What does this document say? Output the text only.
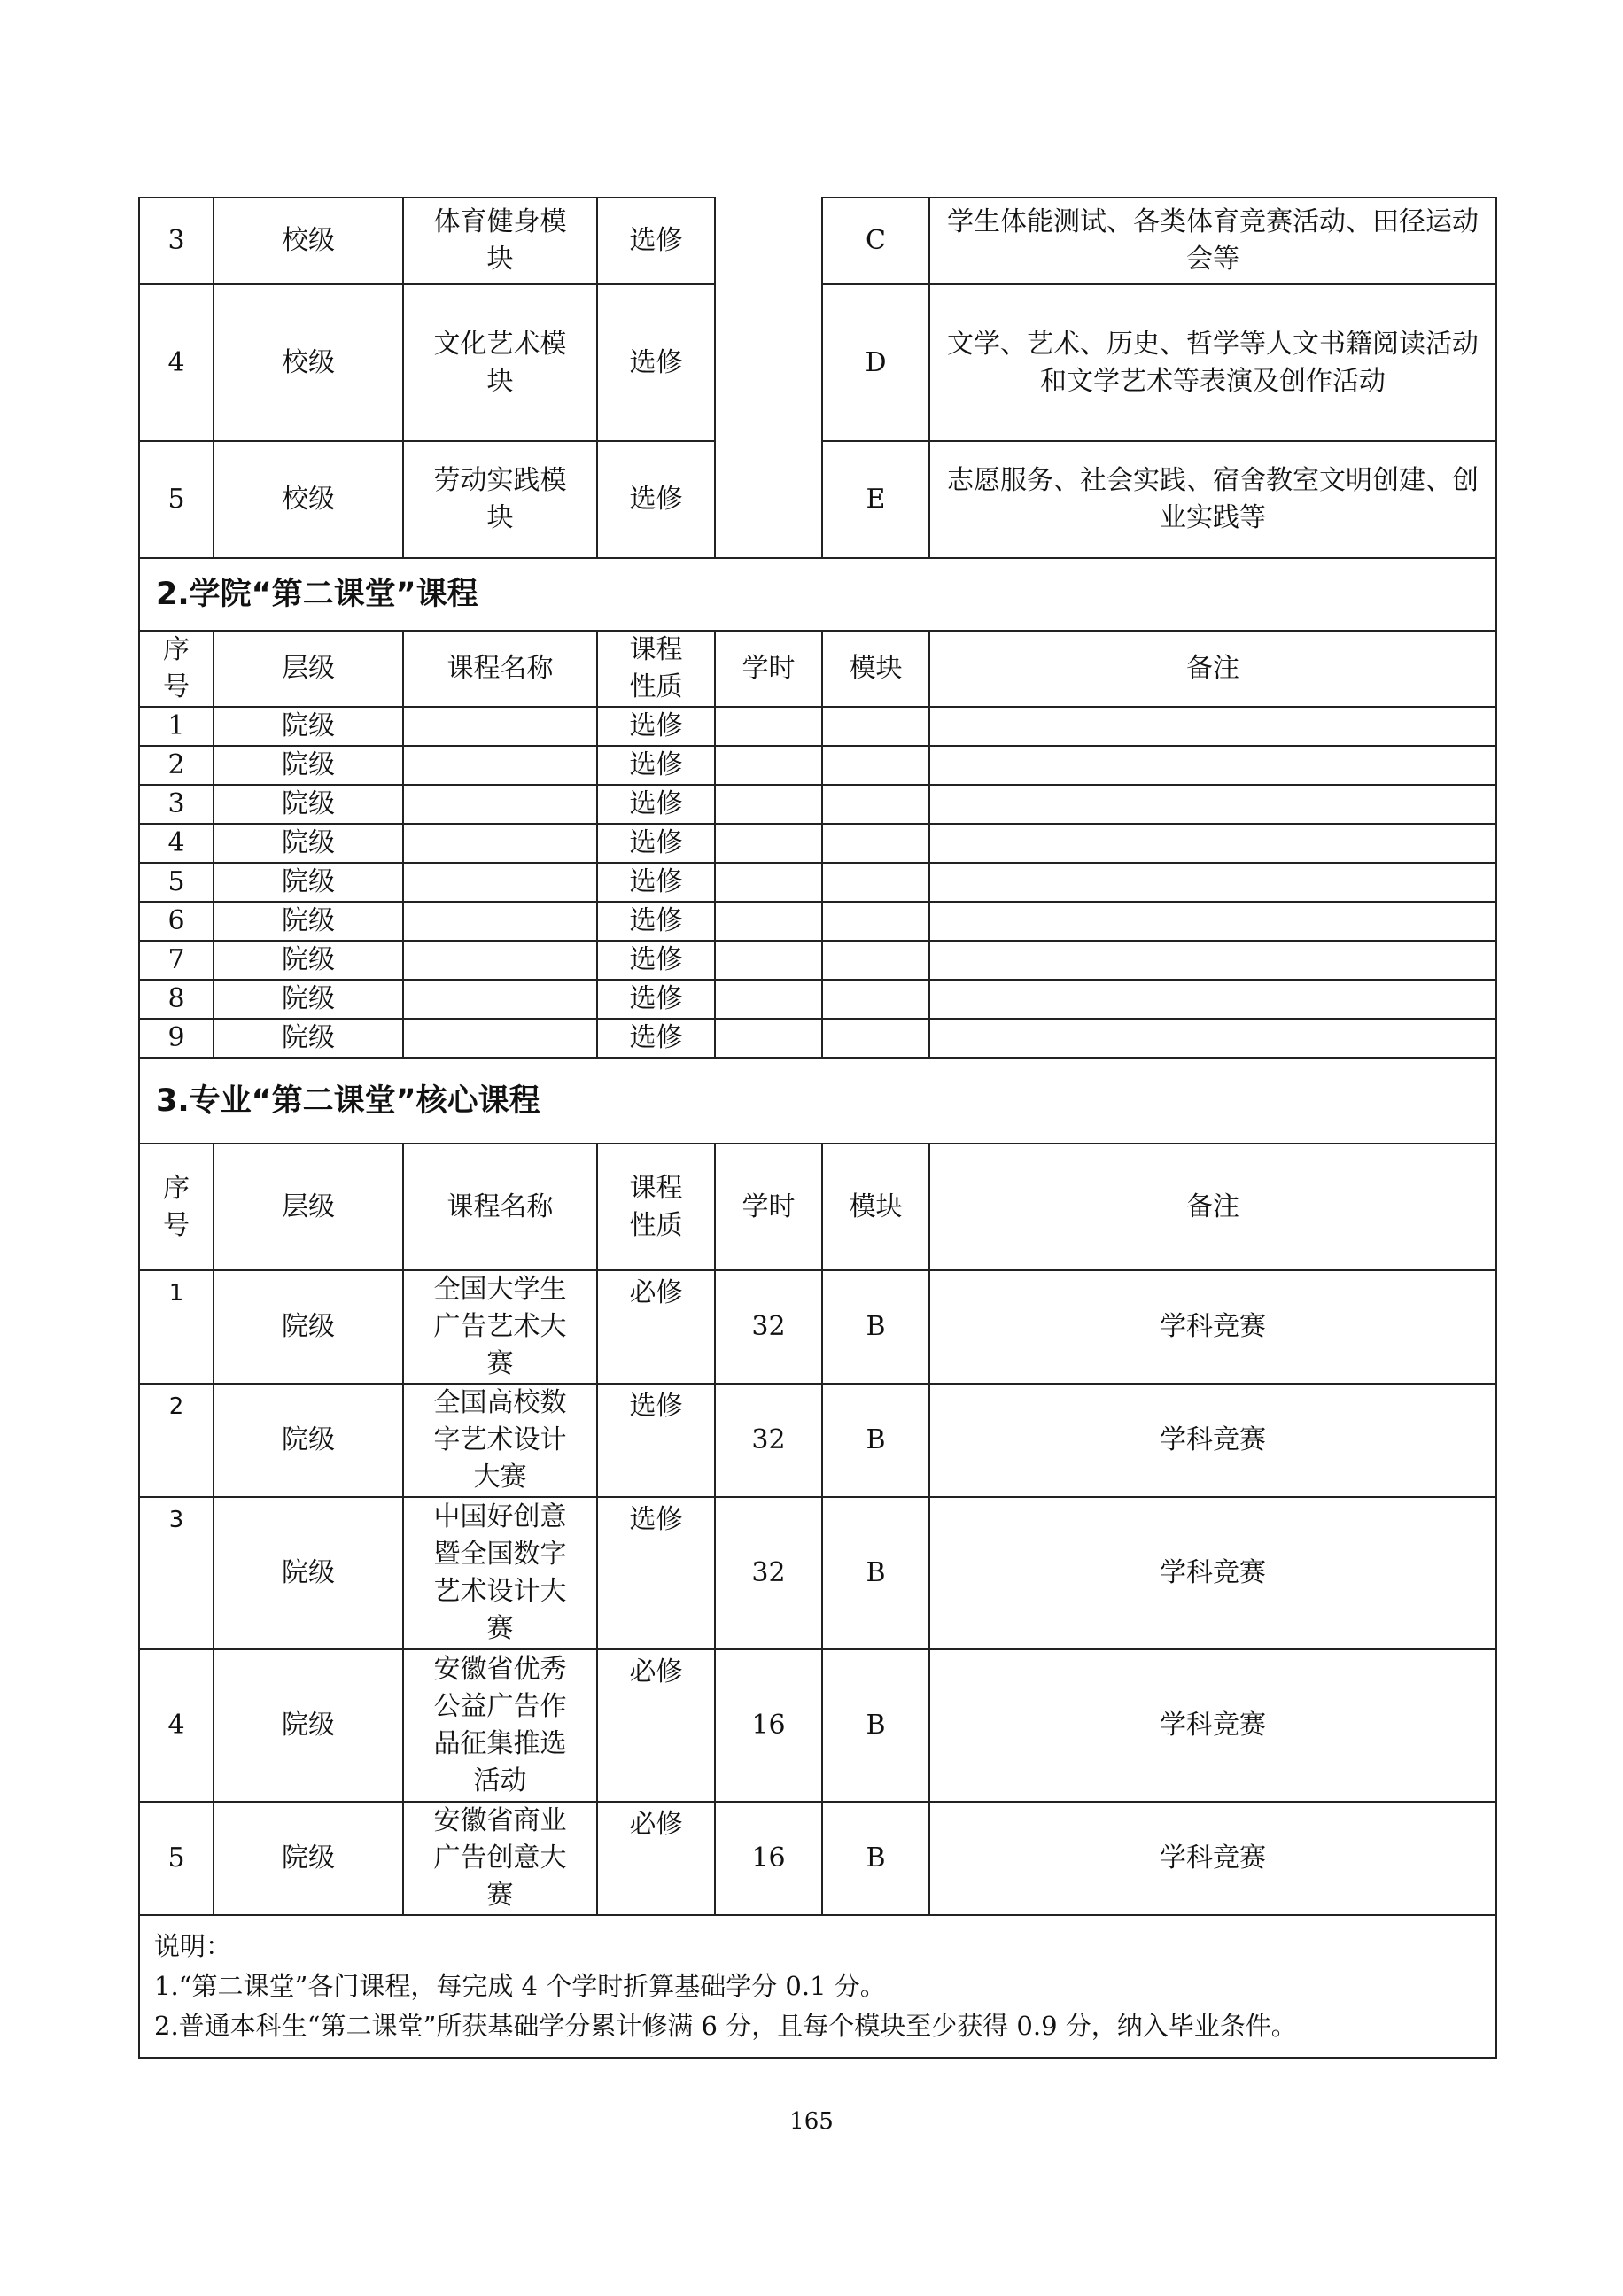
3	校级	体育健身模块	选修		C	学生体能测试、各类体育竞赛活动、田径运动会等
4	校级	文化艺术模块	选修		D	文学、艺术、历史、哲学等人文书籍阅读活动和文学艺术等表演及创作活动
5	校级	劳动实践模块	选修		E	志愿服务、社会实践、宿舍教室文明创建、创业实践等
2.学院“第二课堂”课程						
序号	层级	课程名称	课程性质	学时	模块	备注
1	院级		选修			
2	院级		选修			
3	院级		选修			
4	院级		选修			
5	院级		选修			
6	院级		选修			
7	院级		选修			
8	院级		选修			
9	院级		选修			
3.专业“第二课堂”核心课程						
序号	层级	课程名称	课程性质	学时	模块	备注
1	院级	全国大学生广告艺术大赛	必修	32	B	学科竞赛
2	院级	全国高校数字艺术设计大赛	选修	32	B	学科竞赛
3	院级	中国好创意暨全国数字艺术设计大赛	选修	32	B	学科竞赛
4	院级	安徽省优秀公益广告作品征集推选活动	必修	16	B	学科竞赛
5	院级	安徽省商业广告创意大赛	必修	16	B	学科竞赛

说明：
1.“第二课堂”各门课程，每完成 4 个学时折算基础学分 0.1 分。
2.普通本科生“第二课堂”所获基础学分累计修满 6 分，且每个模块至少获得 0.9 分，纳入毕业条件。						
165
